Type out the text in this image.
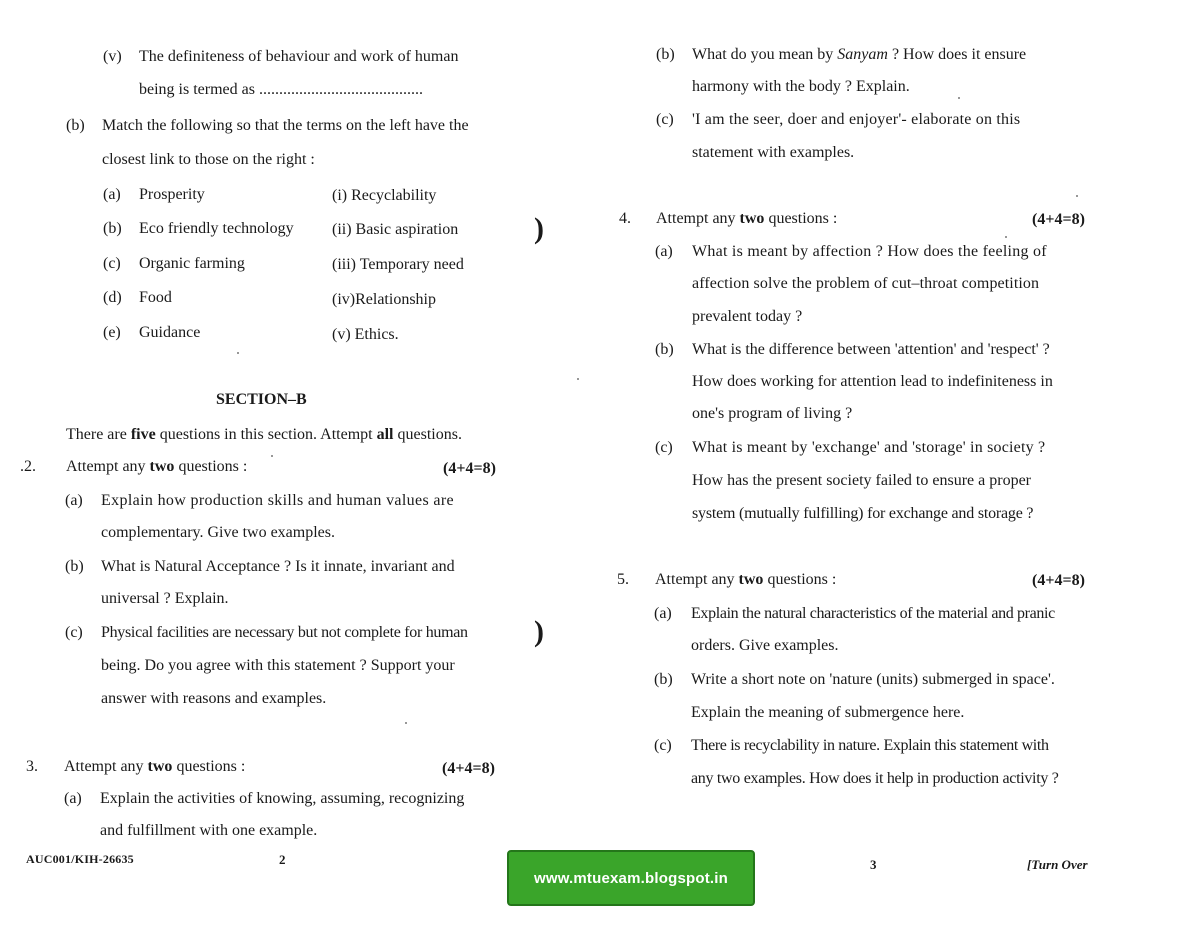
(v) The definiteness of behaviour and work of human
being is termed as .........................................
(b) Match the following so that the terms on the left have the
closest link to those on the right :
(a) Prosperity	(i) Recyclability
(b) Eco friendly technology (ii) Basic aspiration
(c) Organic farming	(iii) Temporary need
(d) Food	(iv)Relationship
(e) Guidance	(v) Ethics.
SECTION–B
There are five questions in this section. Attempt all questions.
.2. Attempt any two questions :	(4+4=8)
(a) Explain how production skills and human values are
complementary. Give two examples.
(b) What is Natural Acceptance ? Is it innate, invariant and
universal ? Explain.
(c) Physical facilities are necessary but not complete for human
being. Do you agree with this statement ? Support your
answer with reasons and examples.
3. Attempt any two questions :	(4+4=8)
(a) Explain the activities of knowing, assuming, recognizing
and fulfillment with one example.
AUC001/KIH-26635	2
)
)
(b) What do you mean by Sanyam ? How does it ensure
harmony with the body ? Explain.
(c) 'I am the seer, doer and enjoyer'- elaborate on this
statement with examples.
4. Attempt any two questions :	(4+4=8)
(a) What is meant by affection ? How does the feeling of
affection solve the problem of cut–throat competition
prevalent today ?
(b) What is the difference between 'attention' and 'respect' ?
How does working for attention lead to indefiniteness in
one's program of living ?
(c) What is meant by 'exchange' and 'storage' in society ?
How has the present society failed to ensure a proper
system (mutually fulfilling) for exchange and storage ?
5. Attempt any two questions :	(4+4=8)
(a) Explain the natural characteristics of the material and pranic
orders. Give examples.
(b) Write a short note on 'nature (units) submerged in space'.
Explain the meaning of submergence here.
(c) There is recyclability in nature. Explain this statement with
any two examples. How does it help in production activity ?
3	[Turn Over
www.mtuexam.blogspot.in
